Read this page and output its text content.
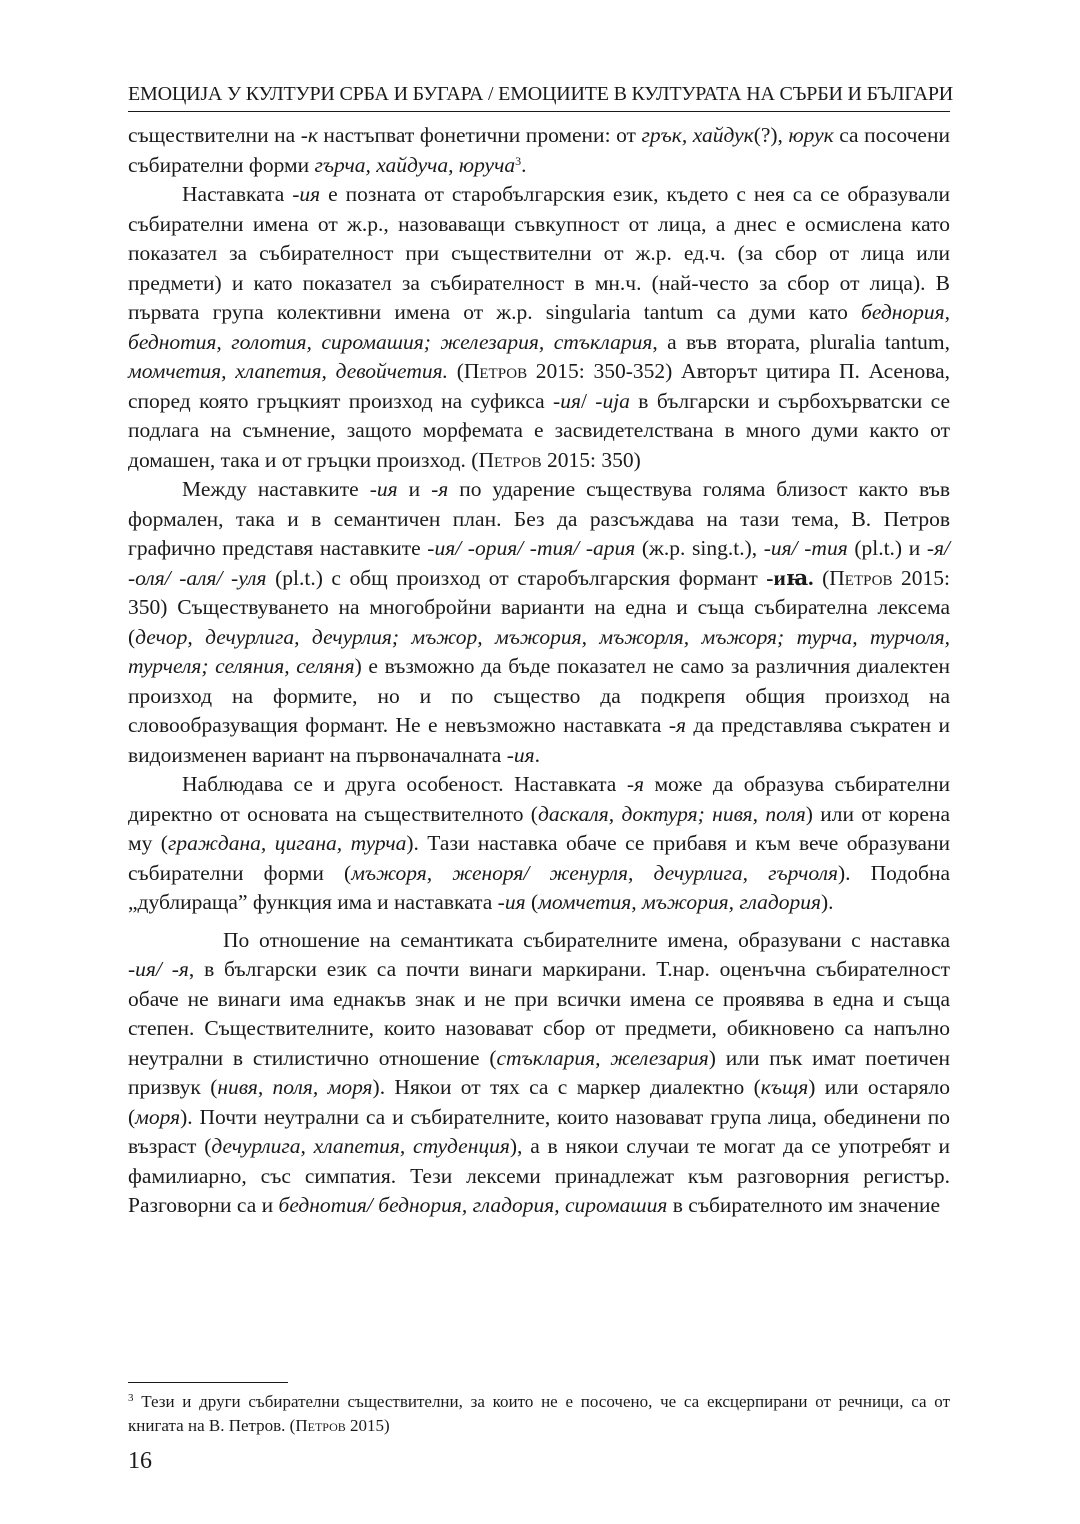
ЕМОЦИЈА У КУЛТУРИ СРБА И БУГАРА / ЕМОЦИИТЕ В КУЛТУРАТА НА СЪРБИ И БЪЛГАРИ

съществителни на -к настъпват фонетични промени: от грък, хайдук(?), юрук са посочени събирателни форми гърча, хайдуча, юруча$^3$.

Наставката -ия е позната от старобългарския език, където с нея са се образували събирателни имена от ж.р., назоваващи съвкупност от лица, а днес е осмислена като показател за събирателност при съществителни от ж.р. ед.ч. (за сбор от лица или предмети) и като показател за събирателност в мн.ч. (най-често за сбор от лица). В първата група колективни имена от ж.р. singularia tantum са думи като беднория, беднотия, голотия, сиромашия; железария, стъклария, а във втората, pluralia tantum, момчетия, хлапетия, девойчетия. (Петров 2015: 350-352) Авторът цитира П. Асенова, според която гръцкият произход на суфикса -ия/ -ија в български и сърбохърватски се подлага на съмнение, защото морфемата е засвидетелствана в много думи както от домашен, така и от гръцки произход. (Петров 2015: 350)

Между наставките -ия и -я по ударение съществува голяма близост както във формален, така и в семантичен план. Без да разсъждава на тази тема, В. Петров графично представя наставките -ия/ -ория/ -тия/ -ария (ж.р. sing.t.), -ия/ -тия (pl.t.) и -я/ -оля/ -аля/ -уля (pl.t.) с общ произход от старобългарския формант -иꙗ. (Петров 2015: 350) Съществуването на многобройни варианти на една и съща събирателна лексема (дечор, дечурлига, дечурлия; мъжор, мъжория, мъжорля, мъжоря; турча, турчоля, турчеля; селяния, селяня) е възможно да бъде показател не само за различния диалектен произход на формите, но и по същество да подкрепя общия произход на словообразуващия формант. Не е невъзможно наставката -я да представлява съкратен и видоизменен вариант на първоначалната -ия.

Наблюдава се и друга особеност. Наставката -я може да образува събирателни директно от основата на съществителното (даскаля, доктуря; нивя, поля) или от корена му (граждана, цигана, турча). Тази наставка обаче се прибавя и към вече образувани събирателни форми (мъжоря, женоря/ женурля, дечурлига, гърчоля). Подобна „дублираща” функция има и наставката -ия (момчетия, мъжория, гладория).

По отношение на семантиката събирателните имена, образувани с наставка -ия/ -я, в български език са почти винаги маркирани. Т.нар. оценъчна събирателност обаче не винаги има еднакъв знак и не при всички имена се проявява в една и съща степен. Съществителните, които назовават сбор от предмети, обикновено са напълно неутрални в стилистично отношение (стъклария, железария) или пък имат поетичен призвук (нивя, поля, моря). Някои от тях са с маркер диалектно (къщя) или остаряло (моря). Почти неутрални са и събирателните, които назовават група лица, обединени по възраст (дечурлига, хлапетия, студенция), а в някои случаи те могат да се употребят и фамилиарно, със симпатия. Тези лексеми принадлежат към разговорния регистър. Разговорни са и беднотия/ беднория, гладория, сиромашия в събирателното им значение

$^3$ Тези и други събирателни съществителни, за които не е посочено, че са ексцерпирани от речници, са от книгата на В. Петров. (Петров 2015)

16
